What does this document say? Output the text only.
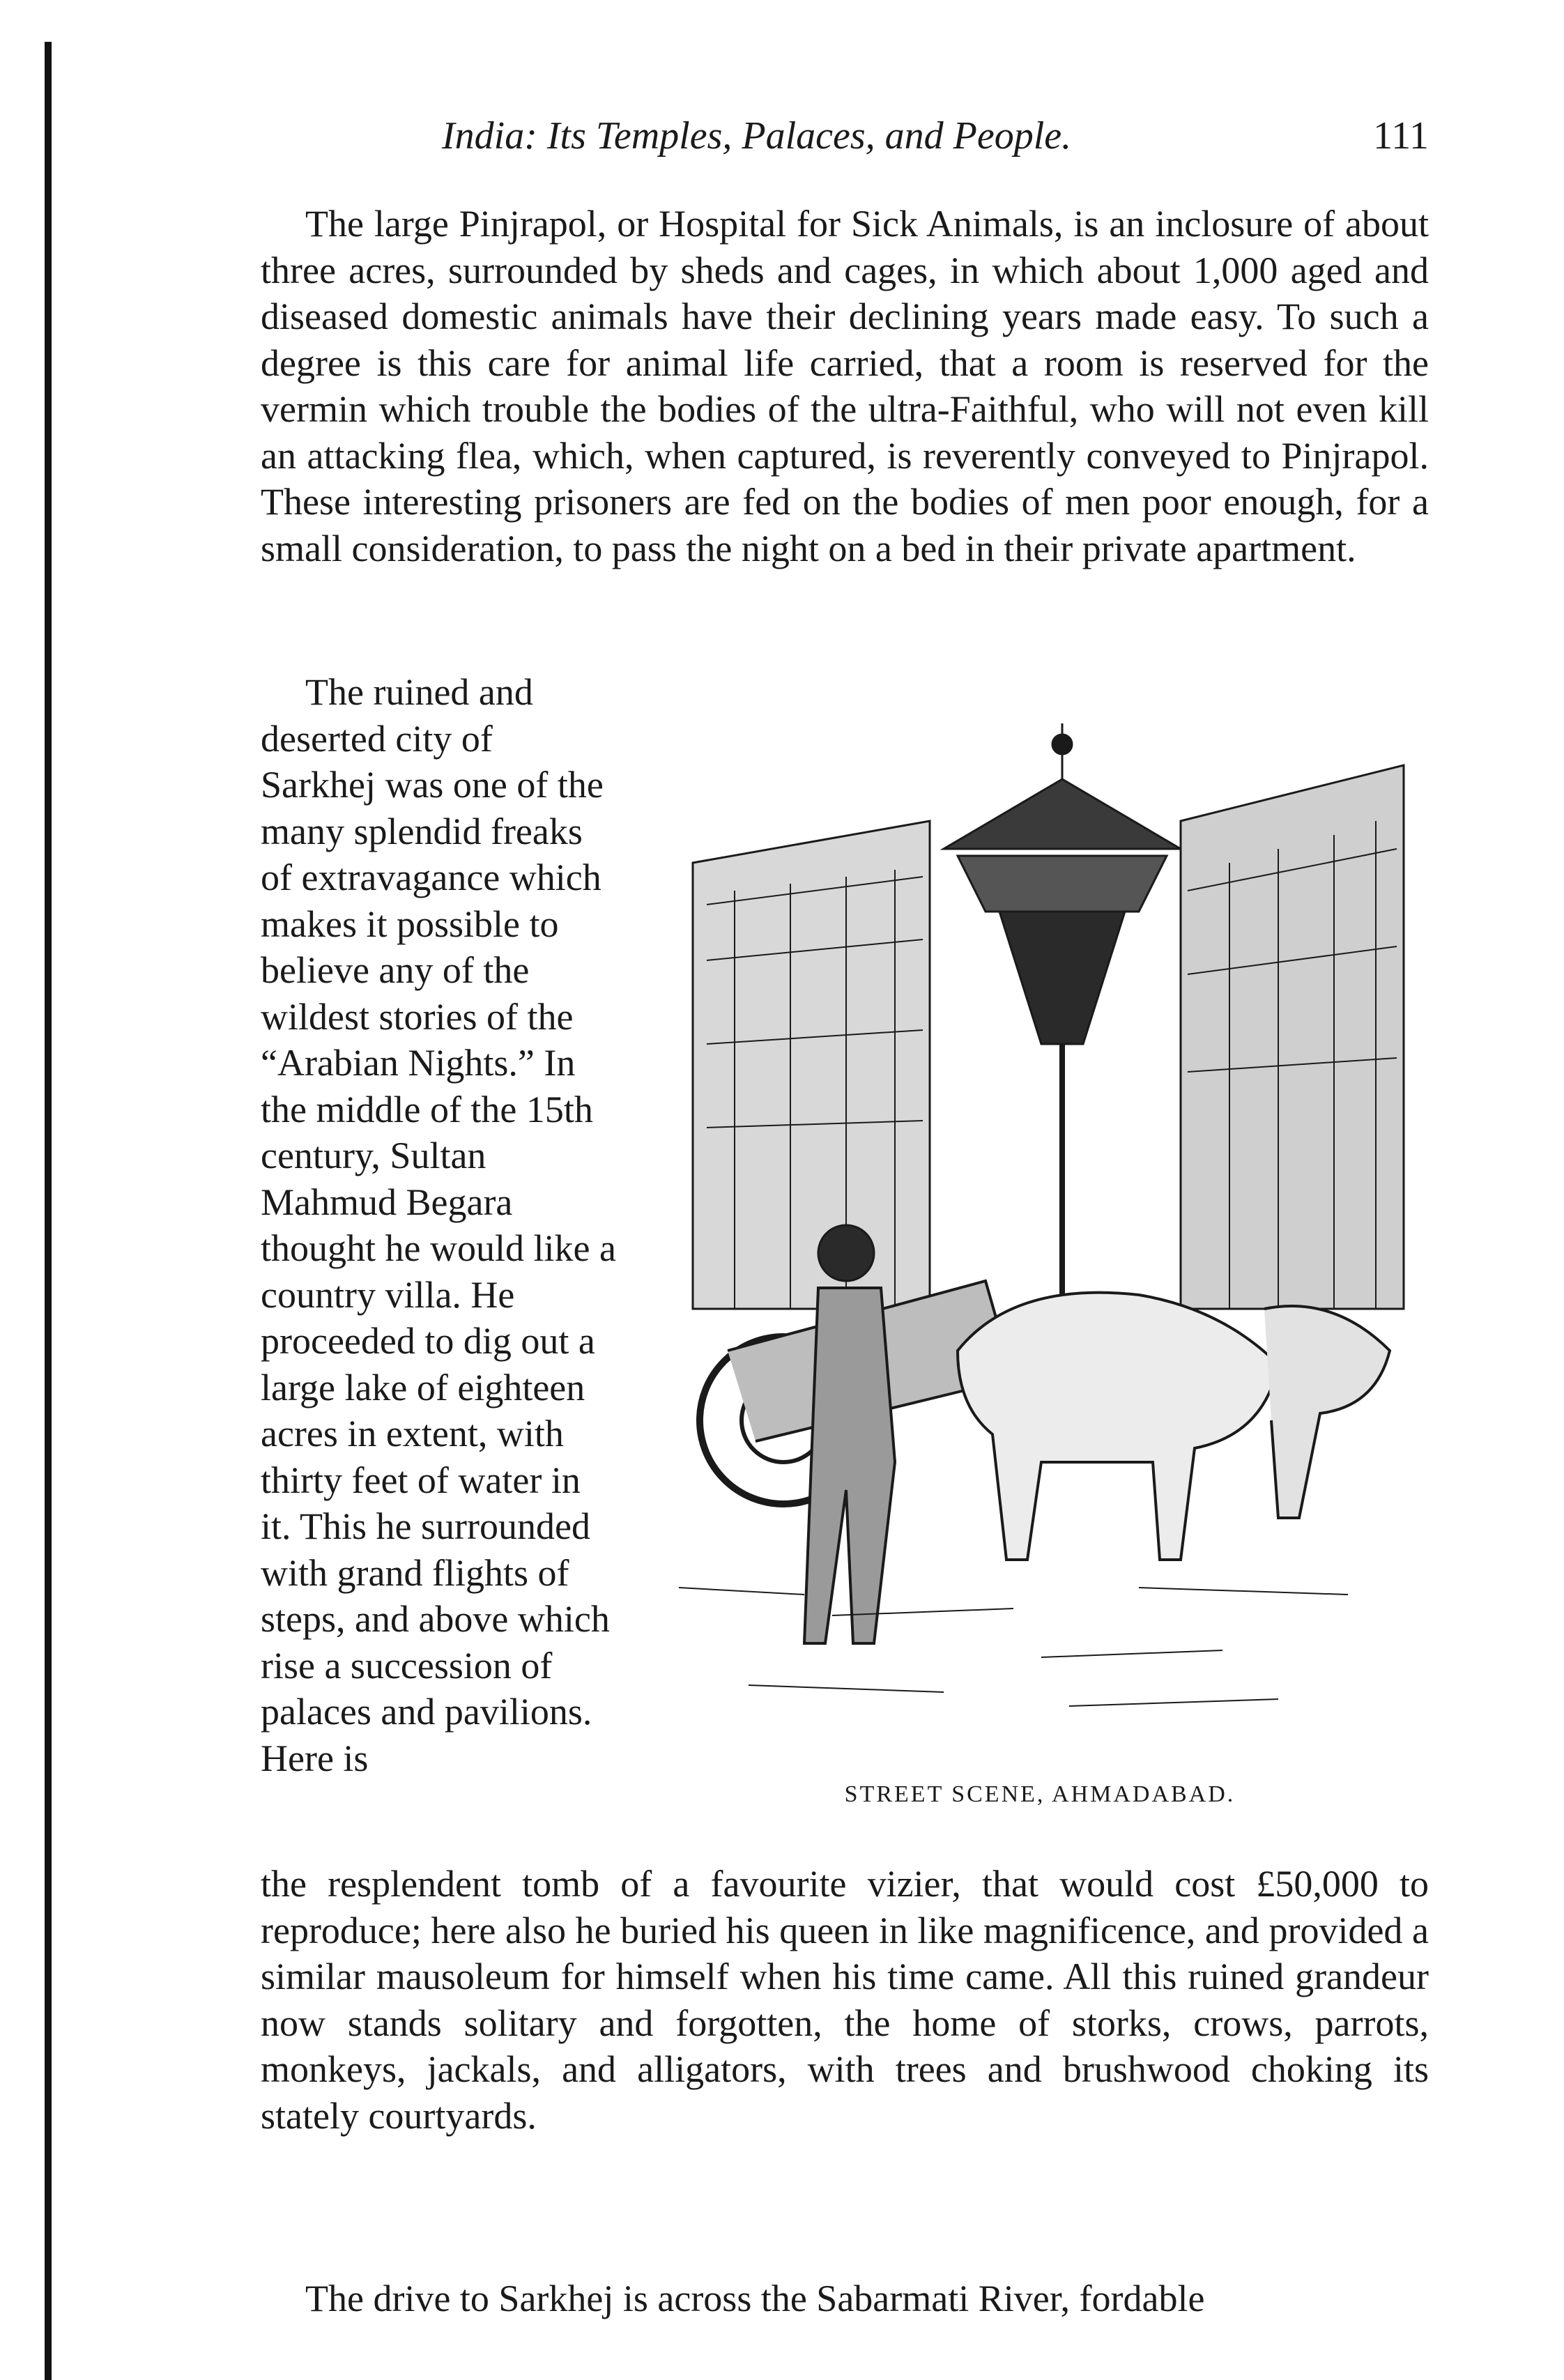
India: Its Temples, Palaces, and People.	111

The large Pinjrapol, or Hospital for Sick Animals, is an inclosure of about three acres, surrounded by sheds and cages, in which about 1,000 aged and diseased domestic animals have their declining years made easy. To such a degree is this care for animal life carried, that a room is reserved for the vermin which trouble the bodies of the ultra-Faithful, who will not even kill an attacking flea, which, when captured, is reverently conveyed to Pinjrapol. These interesting prisoners are fed on the bodies of men poor enough, for a small consideration, to pass the night on a bed in their private apartment.

The ruined and deserted city of Sarkhej was one of the many splendid freaks of extravagance which makes it possible to believe any of the wildest stories of the “Arabian Nights.” In the middle of the 15th century, Sultan Mahmud Begara thought he would like a country villa. He proceeded to dig out a large lake of eighteen acres in extent, with thirty feet of water in it. This he surrounded with grand flights of steps, and above which rise a succession of palaces and pavilions. Here is

STREET SCENE, AHMADABAD.

the resplendent tomb of a favourite vizier, that would cost £50,000 to reproduce; here also he buried his queen in like magnificence, and provided a similar mausoleum for himself when his time came. All this ruined grandeur now stands solitary and forgotten, the home of storks, crows, parrots, monkeys, jackals, and alligators, with trees and brushwood choking its stately courtyards.

The drive to Sarkhej is across the Sabarmati River, fordable
